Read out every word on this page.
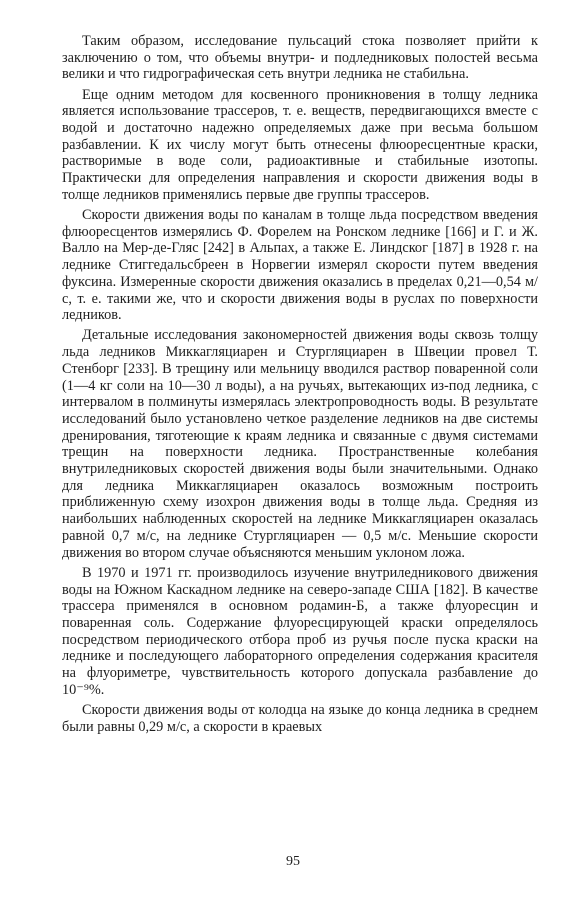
Таким образом, исследование пульсаций стока позволяет прийти к заключению о том, что объемы внутри- и подледниковых полостей весьма велики и что гидрографическая сеть внутри ледника не стабильна.

Еще одним методом для косвенного проникновения в толщу ледника является использование трассеров, т. е. веществ, передвигающихся вместе с водой и достаточно надежно определяемых даже при весьма большом разбавлении. К их числу могут быть отнесены флюоресцентные краски, растворимые в воде соли, радиоактивные и стабильные изотопы. Практически для определения направления и скорости движения воды в толще ледников применялись первые две группы трассеров.

Скорости движения воды по каналам в толще льда посредством введения флюоресцентов измерялись Ф. Форелем на Ронском леднике [166] и Г. и Ж. Валло на Мер-де-Гляс [242] в Альпах, а также Е. Линдског [187] в 1928 г. на леднике Стиггедальсбреен в Норвегии измерял скорости путем введения фуксина. Измеренные скорости движения оказались в пределах 0,21—0,54 м/с, т. е. такими же, что и скорости движения воды в руслах по поверхности ледников.

Детальные исследования закономерностей движения воды сквозь толщу льда ледников Миккагляциарен и Стургляциарен в Швеции провел Т. Стенборг [233]. В трещину или мельницу вводился раствор поваренной соли (1—4 кг соли на 10—30 л воды), а на ручьях, вытекающих из-под ледника, с интервалом в полминуты измерялась электропроводность воды. В результате исследований было установлено четкое разделение ледников на две системы дренирования, тяготеющие к краям ледника и связанные с двумя системами трещин на поверхности ледника. Пространственные колебания внутриледниковых скоростей движения воды были значительными. Однако для ледника Миккагляциарен оказалось возможным построить приближенную схему изохрон движения воды в толще льда. Средняя из наибольших наблюденных скоростей на леднике Миккагляциарен оказалась равной 0,7 м/с, на леднике Стургляциарен — 0,5 м/с. Меньшие скорости движения во втором случае объясняются меньшим уклоном ложа.

В 1970 и 1971 гг. производилось изучение внутриледникового движения воды на Южном Каскадном леднике на северо-западе США [182]. В качестве трассера применялся в основном родамин-Б, а также флуоресцин и поваренная соль. Содержание флуоресцирующей краски определялось посредством периодического отбора проб из ручья после пуска краски на леднике и последующего лабораторного определения содержания красителя на флуориметре, чувствительность которого допускала разбавление до 10⁻⁹%.

Скорости движения воды от колодца на языке до конца ледника в среднем были равны 0,29 м/с, а скорости в краевых

95
